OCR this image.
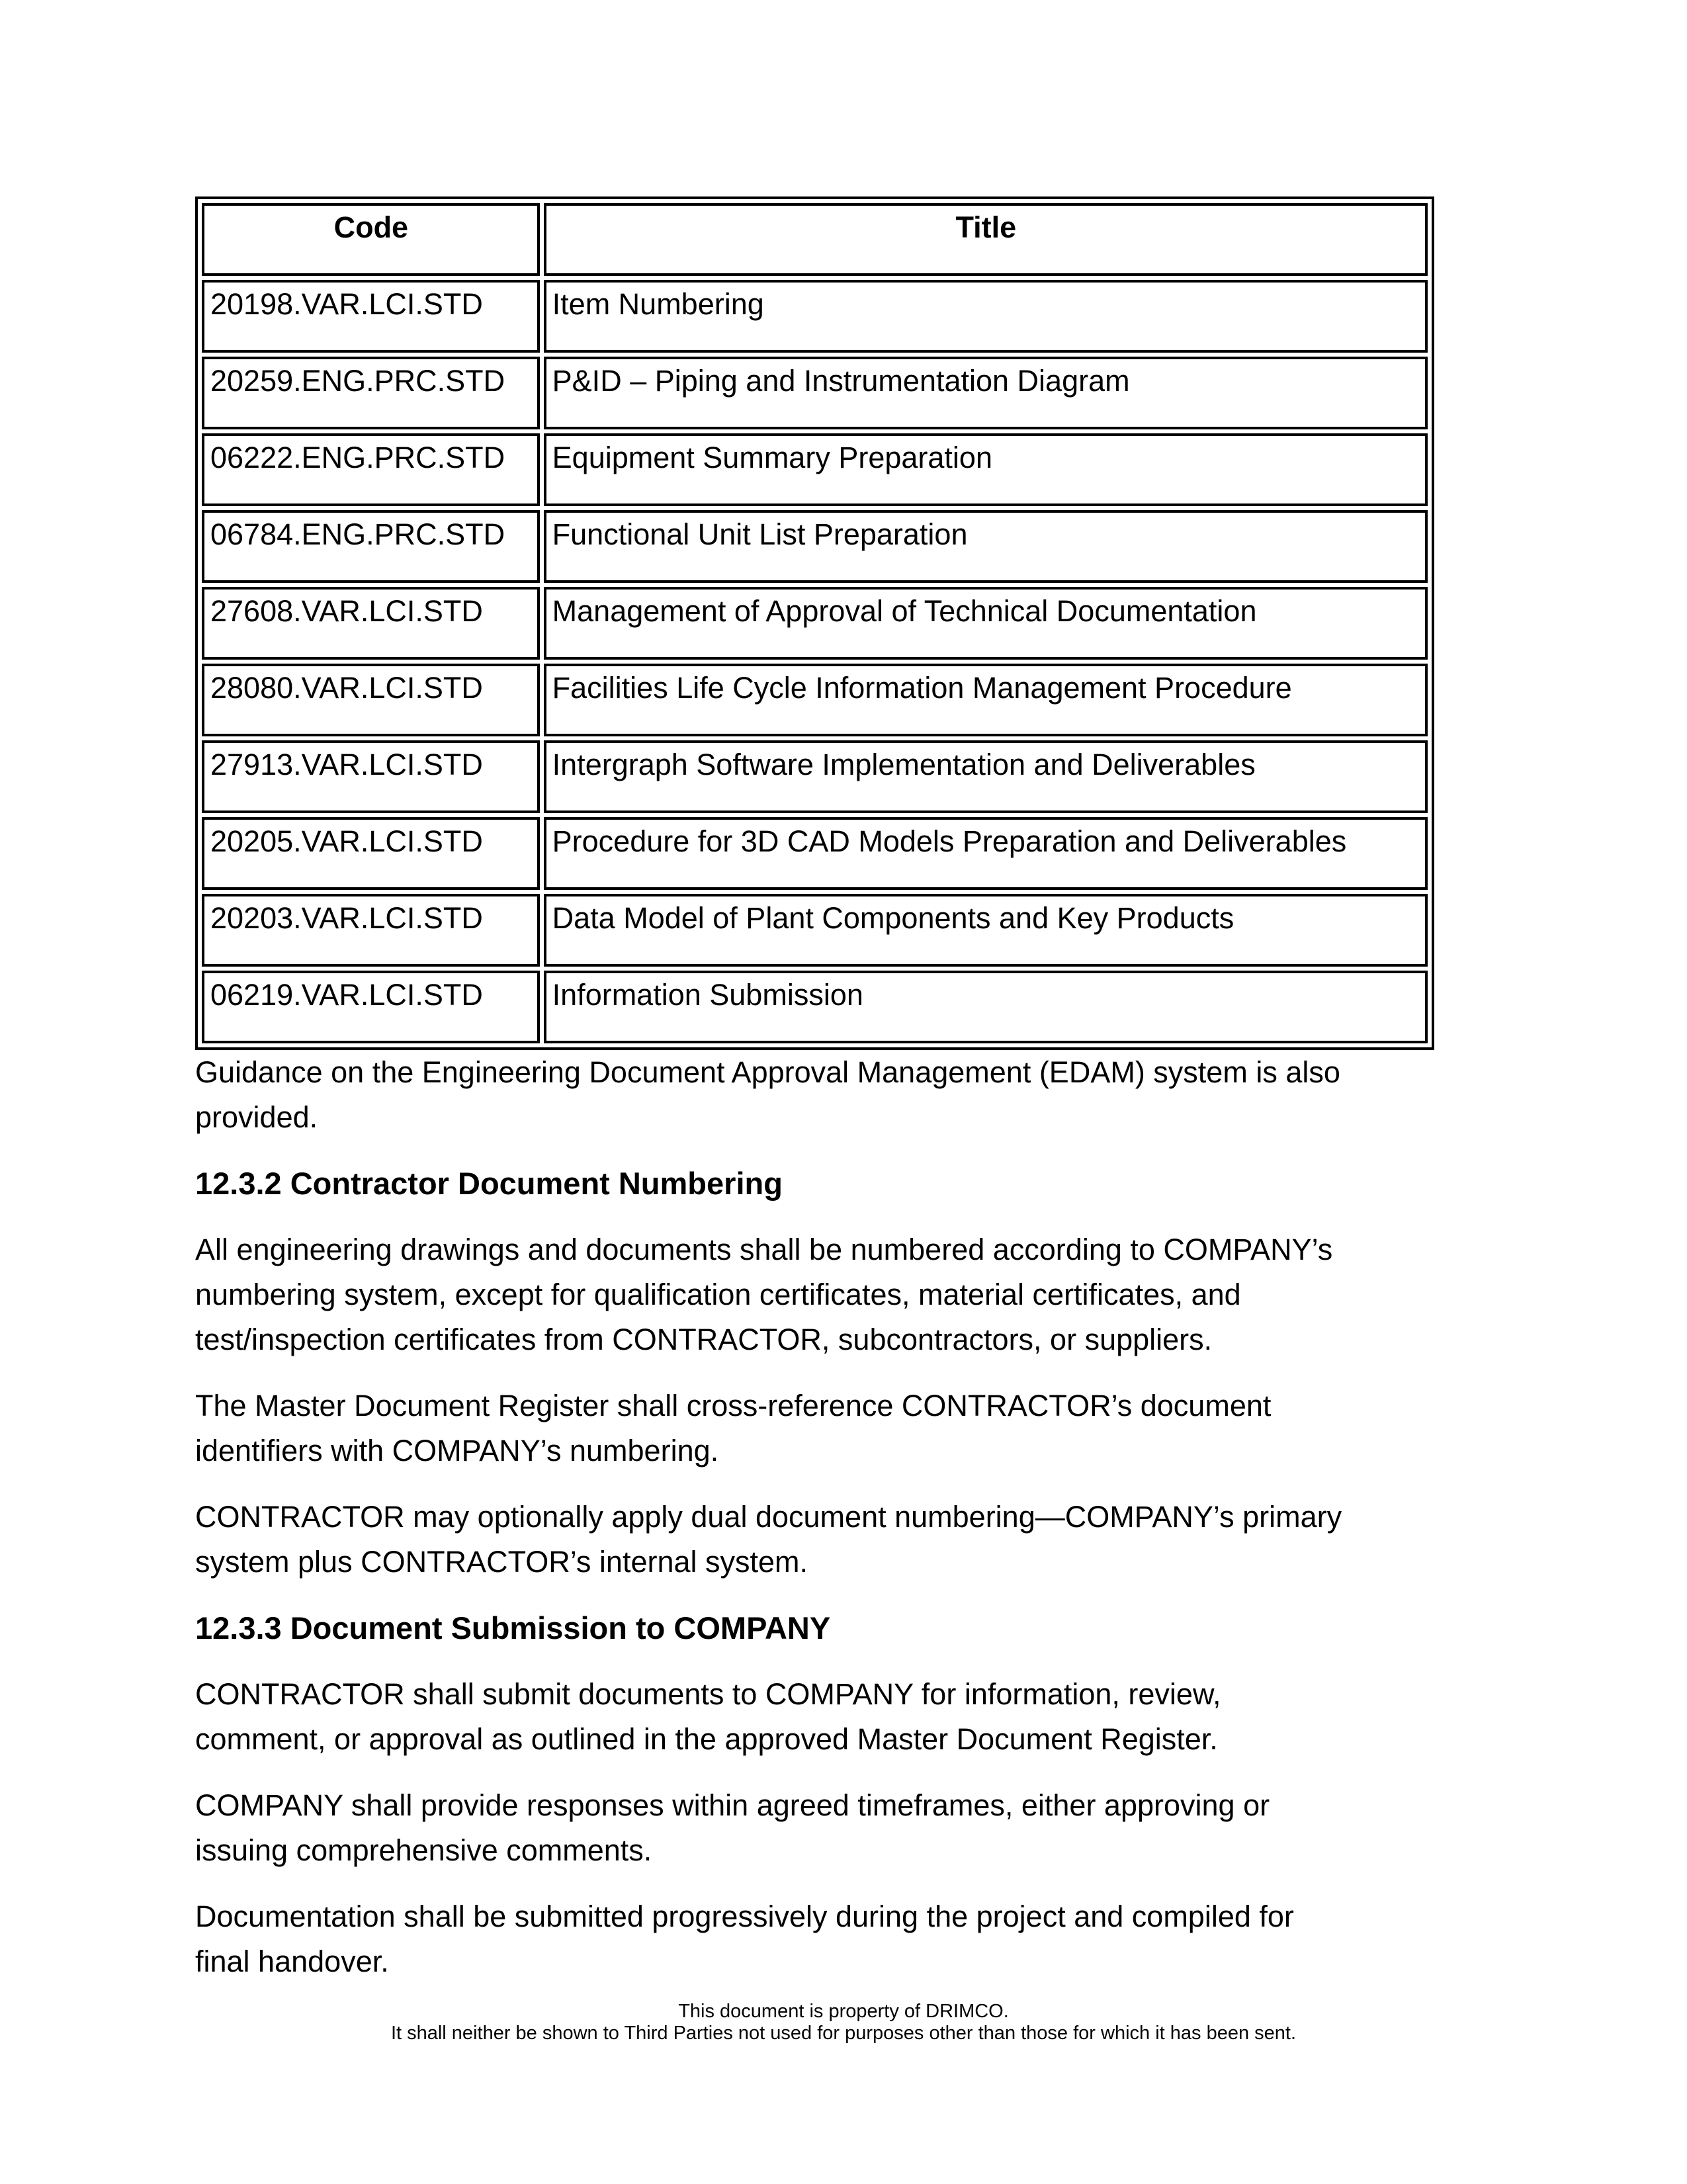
Code	Title
20198.VAR.LCI.STD	Item Numbering
20259.ENG.PRC.STD	P&ID – Piping and Instrumentation Diagram
06222.ENG.PRC.STD	Equipment Summary Preparation
06784.ENG.PRC.STD	Functional Unit List Preparation
27608.VAR.LCI.STD	Management of Approval of Technical Documentation
28080.VAR.LCI.STD	Facilities Life Cycle Information Management Procedure
27913.VAR.LCI.STD	Intergraph Software Implementation and Deliverables
20205.VAR.LCI.STD	Procedure for 3D CAD Models Preparation and Deliverables
20203.VAR.LCI.STD	Data Model of Plant Components and Key Products
06219.VAR.LCI.STD	Information Submission

Guidance on the Engineering Document Approval Management (EDAM) system is also
provided.

12.3.2 Contractor Document Numbering

All engineering drawings and documents shall be numbered according to COMPANY’s
numbering system, except for qualification certificates, material certificates, and
test/inspection certificates from CONTRACTOR, subcontractors, or suppliers.

The Master Document Register shall cross-reference CONTRACTOR’s document
identifiers with COMPANY’s numbering.

CONTRACTOR may optionally apply dual document numbering—COMPANY’s primary
system plus CONTRACTOR’s internal system.

12.3.3 Document Submission to COMPANY

CONTRACTOR shall submit documents to COMPANY for information, review,
comment, or approval as outlined in the approved Master Document Register.

COMPANY shall provide responses within agreed timeframes, either approving or
issuing comprehensive comments.

Documentation shall be submitted progressively during the project and compiled for
final handover.

This document is property of DRIMCO.
It shall neither be shown to Third Parties not used for purposes other than those for which it has been sent.
